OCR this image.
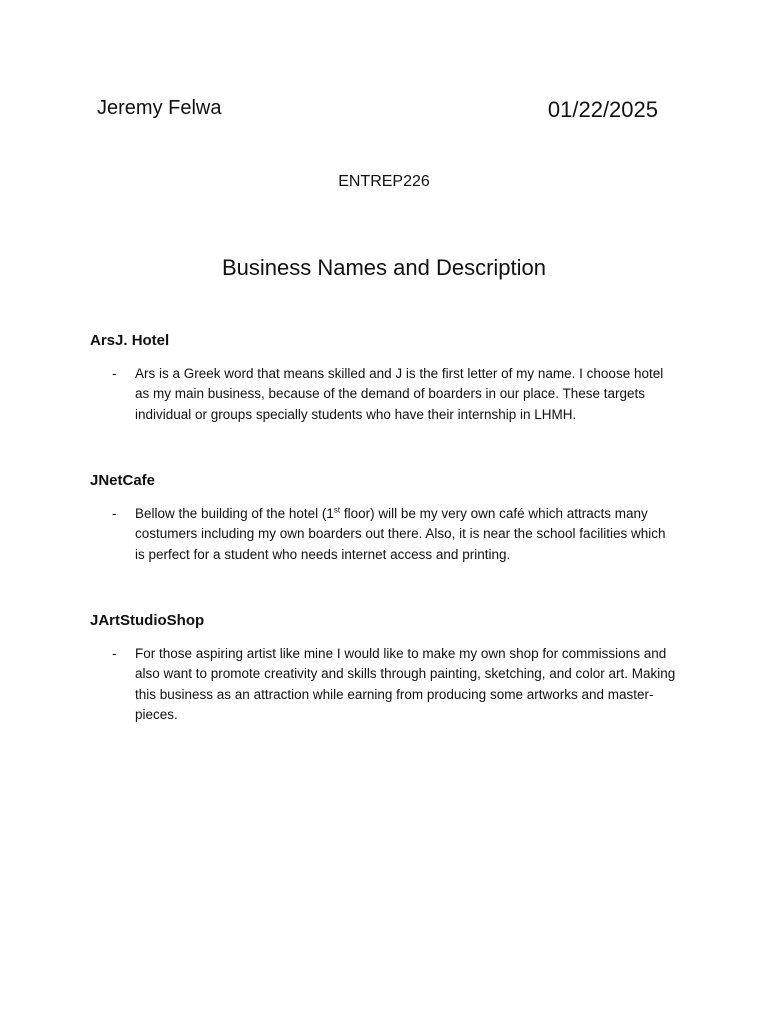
Jeremy Felwa	01/22/2025
ENTREP226
Business Names and Description
ArsJ. Hotel
- Ars is a Greek word that means skilled and J is the first letter of my name. I choose hotel as my main business, because of the demand of boarders in our place. These targets individual or groups specially students who have their internship in LHMH.
JNetCafe
- Bellow the building of the hotel (1st floor) will be my very own café which attracts many costumers including my own boarders out there. Also, it is near the school facilities which is perfect for a student who needs internet access and printing.
JArtStudioShop
- For those aspiring artist like mine I would like to make my own shop for commissions and also want to promote creativity and skills through painting, sketching, and color art. Making this business as an attraction while earning from producing some artworks and master-pieces.
